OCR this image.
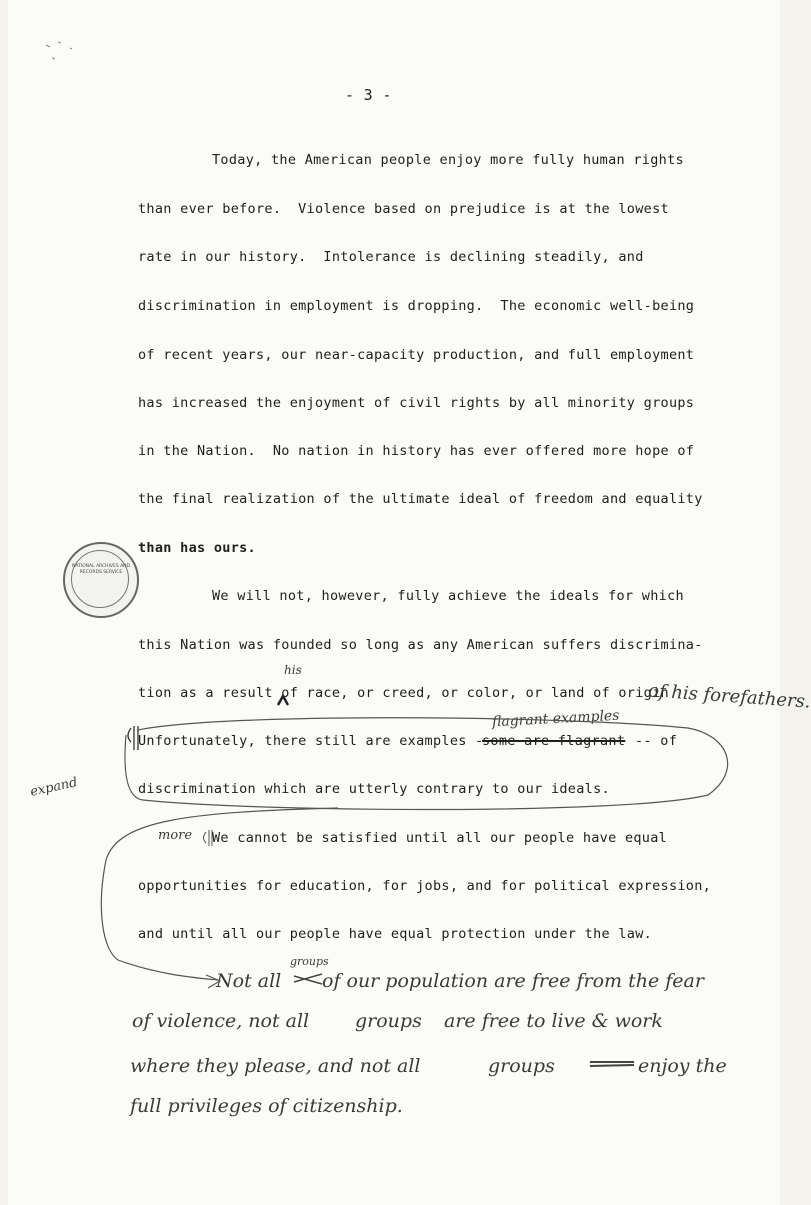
- 3 -
Today, the American people enjoy more fully human rights
than ever before.  Violence based on prejudice is at the lowest
rate in our history.  Intolerance is declining steadily, and
discrimination in employment is dropping.  The economic well-being
of recent years, our near-capacity production, and full employment
has increased the enjoyment of civil rights by all minority groups
in the Nation.  No nation in history has ever offered more hope of
the final realization of the ultimate ideal of freedom and equality
than has ours.
We will not, however, fully achieve the ideals for which
this Nation was founded so long as any American suffers discrimina-
tion as a result of race, or creed, or color, or land of origin
Unfortunately, there still are examples --
some are flagrant -- of
discrimination which are utterly contrary to our ideals.
We cannot be satisfied until all our people have equal
opportunities for education, for jobs, and for political expression,
and until all our people have equal protection under the law.
NATIONAL ARCHIVES AND RECORDS SERVICE
his
of his forefathers.
flagrant examples
expand
more
Not all
groups
of our population are free from the fear
of violence, not all groups are free to live & work
where they please, and not all	groups	enjoy the
full privileges of citizenship.
